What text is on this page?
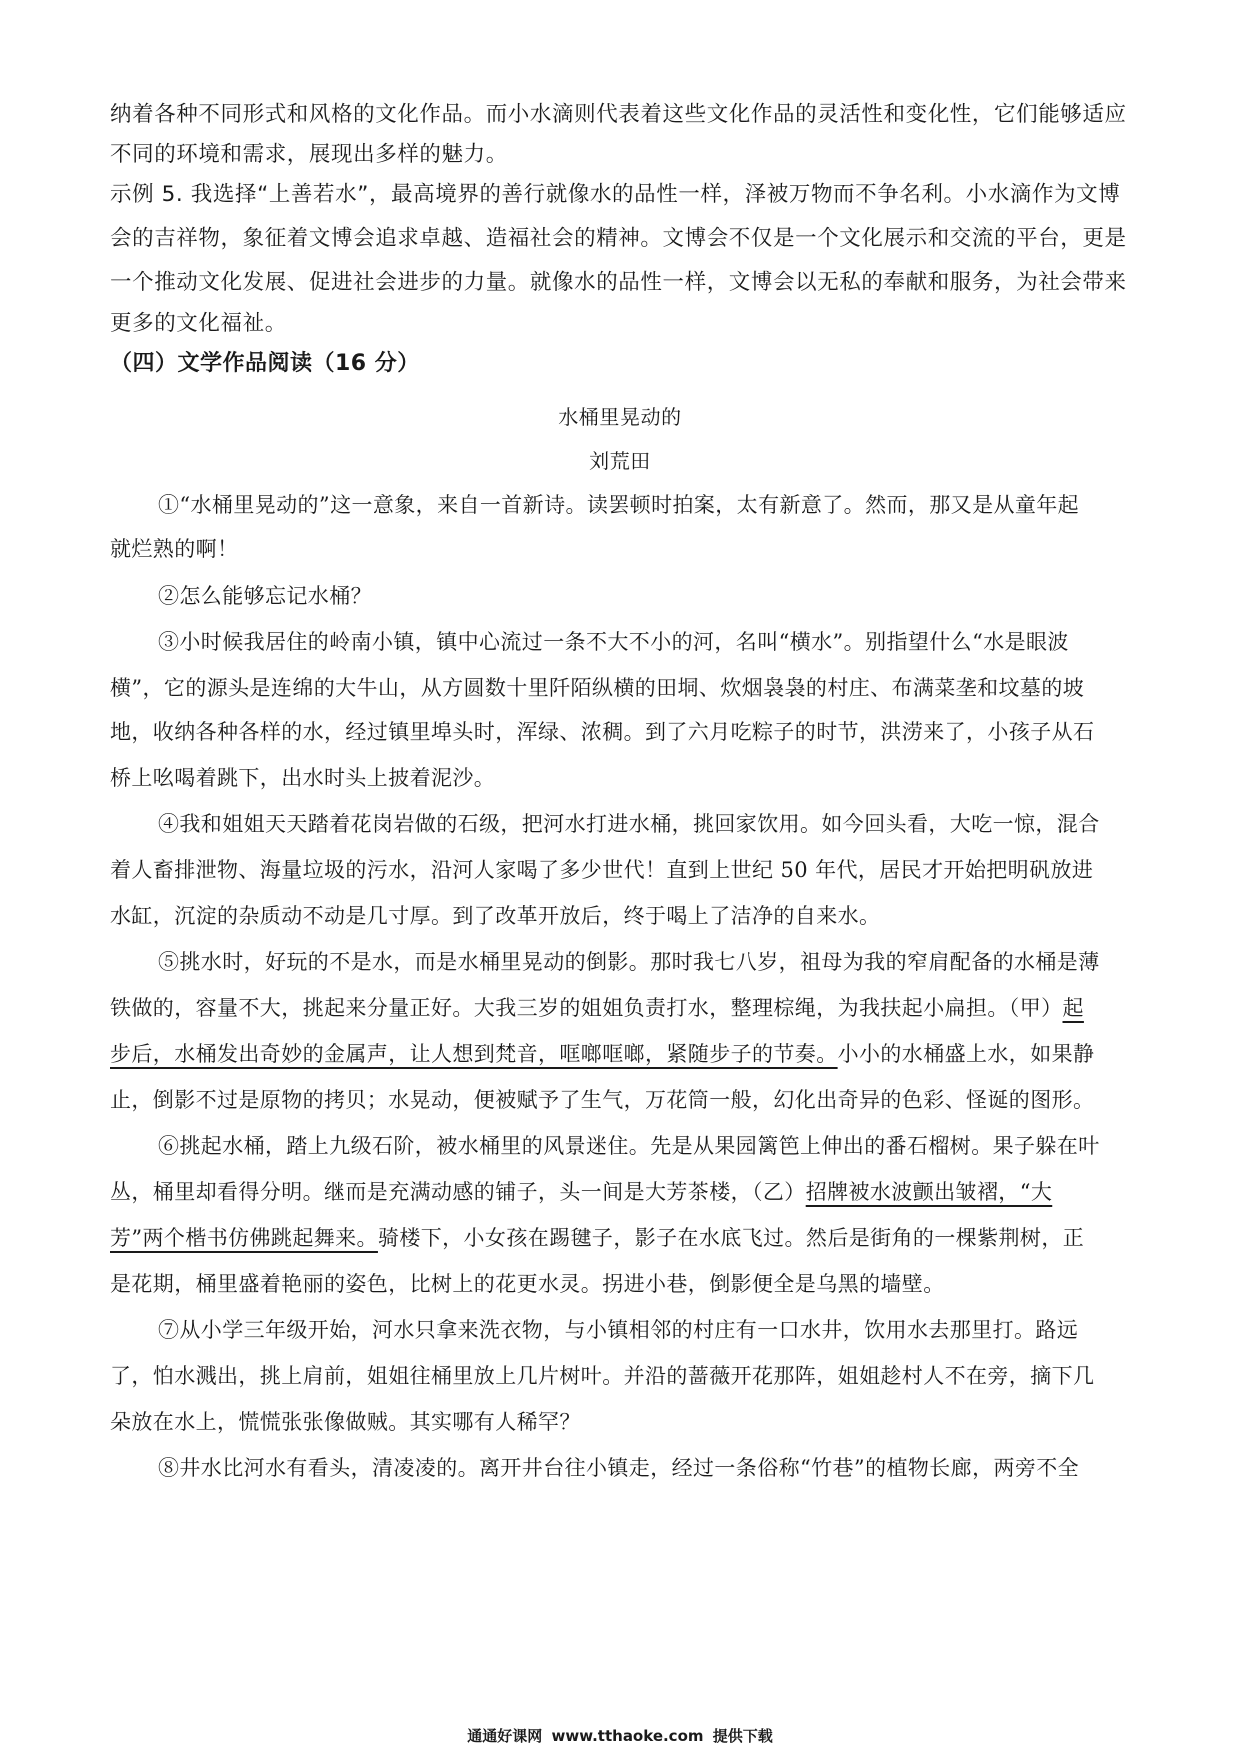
纳着各种不同形式和风格的文化作品。而小水滴则代表着这些文化作品的灵活性和变化性，它们能够适应
不同的环境和需求，展现出多样的魅力。
示例 5. 我选择“上善若水”，最高境界的善行就像水的品性一样，泽被万物而不争名利。小水滴作为文博
会的吉祥物，象征着文博会追求卓越、造福社会的精神。文博会不仅是一个文化展示和交流的平台，更是
一个推动文化发展、促进社会进步的力量。就像水的品性一样，文博会以无私的奉献和服务，为社会带来
更多的文化福祉。
（四）文学作品阅读（16 分）
水桶里晃动的
刘荒田
①“水桶里晃动的”这一意象，来自一首新诗。读罢顿时拍案，太有新意了。然而，那又是从童年起
就烂熟的啊！
②怎么能够忘记水桶？
③小时候我居住的岭南小镇，镇中心流过一条不大不小的河，名叫“横水”。别指望什么“水是眼波
横”，它的源头是连绵的大牛山，从方圆数十里阡陌纵横的田垌、炊烟袅袅的村庄、布满菜垄和坟墓的坡
地，收纳各种各样的水，经过镇里埠头时，浑绿、浓稠。到了六月吃粽子的时节，洪涝来了，小孩子从石
桥上吆喝着跳下，出水时头上披着泥沙。
④我和姐姐天天踏着花岗岩做的石级，把河水打进水桶，挑回家饮用。如今回头看，大吃一惊，混合
着人畜排泄物、海量垃圾的污水，沿河人家喝了多少世代！直到上世纪 50 年代，居民才开始把明矾放进
水缸，沉淀的杂质动不动是几寸厚。到了改革开放后，终于喝上了洁净的自来水。
⑤挑水时，好玩的不是水，而是水桶里晃动的倒影。那时我七八岁，祖母为我的窄肩配备的水桶是薄
铁做的，容量不大，挑起来分量正好。大我三岁的姐姐负责打水，整理棕绳，为我扶起小扁担。（甲）起
步后，水桶发出奇妙的金属声，让人想到梵音，哐啷哐啷，紧随步子的节奏。小小的水桶盛上水，如果静
止，倒影不过是原物的拷贝；水晃动，便被赋予了生气，万花筒一般，幻化出奇异的色彩、怪诞的图形。
⑥挑起水桶，踏上九级石阶，被水桶里的风景迷住。先是从果园篱笆上伸出的番石榴树。果子躲在叶
丛，桶里却看得分明。继而是充满动感的铺子，头一间是大芳茶楼，（乙）招牌被水波颤出皱褶，“大
芳”两个楷书仿佛跳起舞来。骑楼下，小女孩在踢毽子，影子在水底飞过。然后是街角的一棵紫荆树，正
是花期，桶里盛着艳丽的姿色，比树上的花更水灵。拐进小巷，倒影便全是乌黑的墙壁。
⑦从小学三年级开始，河水只拿来洗衣物，与小镇相邻的村庄有一口水井，饮用水去那里打。路远
了，怕水溅出，挑上肩前，姐姐往桶里放上几片树叶。并沿的蔷薇开花那阵，姐姐趁村人不在旁，摘下几
朵放在水上，慌慌张张像做贼。其实哪有人稀罕？
⑧井水比河水有看头，清凌凌的。离开井台往小镇走，经过一条俗称“竹巷”的植物长廊，两旁不全
通通好课网 www.tthaoke.com 提供下载
